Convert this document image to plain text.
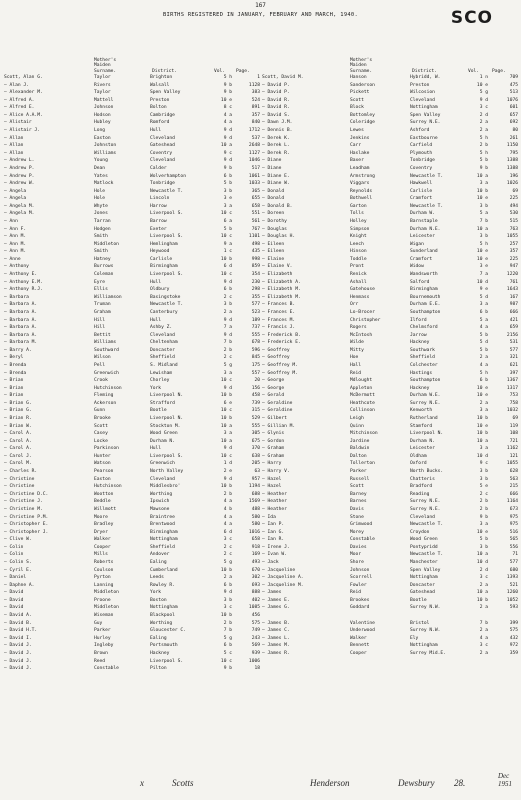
167
BIRTHS REGISTERED IN JANUARY, FEBRUARY AND MARCH, 1940.	SCO
Mother's Maiden Surname.	District.	Vol. Page.
Scott, Alan G.	Taylor	Brighton	5 h	1
— Alan J.	Rivers	Walsall	9 b	1128
— Alexander M.	Taylor	Spen Valley	9 b	383
— Alfred A.	Mattell	Preston	10 e	524
— Alfred E.	Johnson	Bolton	8 c	891
— Alice A.A.M.	Hodson	Cambridge	4 a	357
— Alistair	Hubley	Romford	4 a	840
— Alistair J.	Long	Hull	9 d	1712
— Allan	Easton	Cleveland	9 d	537
— Allan	Johnston	Gateshead	10 a	2648
— Allan	Williams	Coventry	9 c	1127
— Andrew L.	Young	Cleveland	9 d	1046
— Andrew P.	Dean	Calder	9 b	517
— Andrew P.	Yates	Wolverhampton	6 b	1061
— Andrew W.	Matlock	Tonbridge	5 b	1033
— Angela	Hole	Newcastle T.	3 b	365
— Angela	Hole	Lincoln	3 e	655
— Angela M.	Whyte	Harrow	3 a	658
— Angela M.	Jones	Liverpool S.	10 c	551
— Ann	Tarran	Barrow	6 a	561
— Ann F.	Hodgen	Exeter	5 b	767
— Ann M.	Smith	Liverpool S.	10 c	1101
— Ann M.	Middleton	Hemlingham	9 a	498
— Ann M.	Smith	Heywood	1 c	435
— Anne	Hatney	Carlisle	10 b	998
— Anthony	Burrows	Birmingham	6 d	859
— Anthony E.	Coleman	Liverpool S.	10 c	354
— Anthony E.M.	Eyre	Hull	9 d	230
— Anthony R.J.	Ellis	Oldbury	6 b	298
— Barbara	Williamson	Basingstoke	2 c	355
— Barbara A.	Truman	Newcastle T.	3 b	577
— Barbara A.	Graham	Canterbury	2 a	523
— Barbara A.	Hill	Hull	9 d	189
— Barbara A.	Hill	Ashby Z.	7 a	737
— Barbara A.	Bettit	Cleveland	9 d	555
— Barbara M.	Williams	Cheltenham	7 b	678
— Barry A.	Southward	Doncaster	2 b	596
— Beryl	Wilson	Sheffield	2 c	845
— Brenda	Pell	S. Midland	5 g	175
— Brenda	Greenwich	Lewisham	3 a	557
— Brian	Crook	Chorley	10 c	20
— Brian	Hutchinson	York	9 d	156
— Brian	Fleming	Liverpool N.	10 b	458
— Brian G.	Ackerson	Strafford	6 e	739
— Brian G.	Gunn	Bootle	10 c	315
— Brian R.	Brooke	Liverpool N.	10 b	529
— Brian W.	Scott	Stockton M.	10 a	555
— Carol A.	Casey	Wood Green	3 a	305
— Carol A.	Locke	Durham N.	10 a	675
— Carol A.	Parkinson	Hull	9 d	370
— Carol J.	Hunter	Liverpool S.	10 c	638
— Carol M.	Watson	Greenwich	1 d	205
— Charles R.	Pearson	North Valley	2 e	63
— Christine	Easton	Cleveland	9 d	957
— Christine	Hutchinson	Middlesbro'	10 b	1194
— Christine D.C.	Wootton	Worthing	2 b	688
— Christine J.	Beddle	Ipswich	4 a	1569
— Christine M.	Willmott	Mawsone	4 b	488
— Christine P.M.	Moore	Braintree	4 a	580
— Christopher E.	Bradley	Brentwood	4 a	580
— Christopher J.	Dryer	Birmingham	6 d	1016
— Clive W.	Walker	Nottingham	3 c	658
— Colin	Cooper	Sheffield	2 c	918
— Colin	Mills	Andover	2 c	169
— Colin S.	Roberts	Ealing	5 g	493
— Cyril E.	Coulson	Cumberland	10 b	670
— Daniel	Pyrton	Leeds	2 a	302
— Daphne A.	Lanning	Rowley R.	6 b	693
— David	Middleton	York	9 d	888
— David	Proone	Boston	3 b	402
— David	Middleton	Nottingham	3 c	1085
— David A.	Wiseman	Blackpool	10 b	456
— David B.	Guy	Worthing	2 b	575
— David H.T.	Parker	Gloucester C.	7 b	749
— David I.	Hurley	Ealing	5 g	243
— David J.	Ingleby	Portsmouth	6 b	569
— David J.	Brown	Hackney	5 c	939
— David J.	Reed	Liverpool S.	10 c	1006
— David J.	Constable	Pilton	9 b	18
Mother's Maiden Surname.	District.	Vol.	Page.
Scott, David M.	Hanson	Hybridd, W.	1 n	709
— David P.	Sanderson	Preston	10 e	475
— David P.	Pickett	Wilcosion	5 g	513
— David R.	Scott	Cleveland	9 d	1076
— David R.	Block	Nottingham	3 c	601
— David S.	Bottomley	Spen Valley	2 d	657
— Dawn J.M.	Coleridge	Surrey N.E.	2 a	692
— Dennis B.	Lewes	Ashford	2 a	80
— Derek K.	Jenkins	Eastbourne	5 h	261
— Derek L.	Carr	Carfield	2 b	1150
— Derek R.	Haslake	Plymouth	5 h	795
— Diane	Baxer	Tonbridge	5 b	1388
— Diane	Leadham	Coventry	9 b	1388
— Diane E.	Armstrong	Newcastle T.	10 a	196
— Diane W.	Viggars	Hawkwell	3 a	1026
— Donald	Reynolds	Carlisle	10 b	69
— Donald	Bothwell	Cramfort	10 e	225
— Donald B.	Garton	Newcastle T.	3 b	494
— Doreen	Tolls	Durham W.	5 a	530
— Dorothy	Holley	Barnstaple	7 b	515
— Douglas	Simpson	Durham N.E.	10 a	763
— Douglas H.	Knight	Leicester	3 b	1055
— Eileen	Leech	Wigan	5 h	257
— Eileen	Hinson	Sunderland	10 e	357
— Elaine	Toddle	Cramfort	10 e	225
— Elaine V.	Pront	Widow	3 e	947
— Elizabeth	Renick	Wandsworth	7 a	1220
— Elizabeth A.	Ashall	Salford	10 d	761
— Elizabeth M.	Gatehouse	Birmingham	9 e	1643
— Elizabeth M.	Henmass	Bournemouth	5 d	167
— Frances B.	Orr	Durham E.E.	3 a	987
— Frances E.	Lo-Brocer	Southampton	6 b	666
— Frances M.	Christopher	Ilford	5 a	421
— Francis J.	Rogers	Chelmsford	4 a	659
— Frederick B.	McIntosh	Jarrow	5 b	2156
— Frederick E.	Wilde	Hackney	5 d	531
— Geoffrey	Mitty	Southwark	5 b	577
— Geoffrey	Hoe	Sheffield	2 a	321
— Geoffrey M.	Hall	Colchester	4 a	621
— Geoffrey M.	Reid	Hastings	5 h	397
— George	Mdlought	Southampton	6 b	1367
— George	Appleton	Hackney	10 e	1317
— Gerald	McDermott	Durham W.E.	10 e	753
— Geraldine	Heathcote	Surrey N.E.	2 a	758
— Geraldine	Collinson	Kenworth	3 a	1032
— Gilbert	Leigh	Rutherland	10 b	69
— Gillian M.	Quinn	Stamford	10 e	119
— Glynis	Mitchinson	Liverpool N.	10 b	108
— Gordon	Jardine	Durham N.	10 a	721
— Graham	Baldwin	Leicester	3 a	1162
— Graham	Dalton	Oldham	10 d	121
— Harry	Tollerton	Oxford	9 c	1055
— Harry V.	Parker	North Bucks.	3 b	628
— Hazel	Russell	Chatteris	3 b	563
— Hazel	Scott	Bradford	5 e	215
— Heather	Barney	Reading	2 c	666
— Heather	Barnes	Surrey N.E.	2 b	1164
— Heather	Davis	Surrey N.E.	2 b	673
— Ida	Stone	Cleveland	9 b	975
— Ian P.	Grimwood	Newcastle T.	3 a	975
— Ian G.	Morey	Croydon	10 e	516
— Ian R.	Constable	Wood Green	5 b	565
— Irene J.	Davies	Pontypridd	3 b	556
— Ivan W.	Moor	Newcastle T.	10 a	71
— Jack	Shore	Manchester	10 d	577
— Jacqueline	Johnson	Spen Valley	2 d	680
— Jacqueline A.	Scorrell	Nottingham	3 c	1393
— Jacqueline M.	Fowler	Doncaster	2 a	521
— James	Reid	Gateshead	10 a	1260
— James E.	Brookes	Bootle	10 b	1052
— James G.	Goddard	Surrey N.W.	2 a	593
— James B.	Valentine	Bristol	7 b	399
— James C.	Underwood	Surrey N.W.	2 a	575
— James L.	Walker	Ely	4 a	432
— James M.	Bennett	Nottingham	3 c	972
— James R.	Cooper	Surrey Mid.E.	2 a	359
x	Scotts	Henderson	Dewsbury 28.
Dec 1951
